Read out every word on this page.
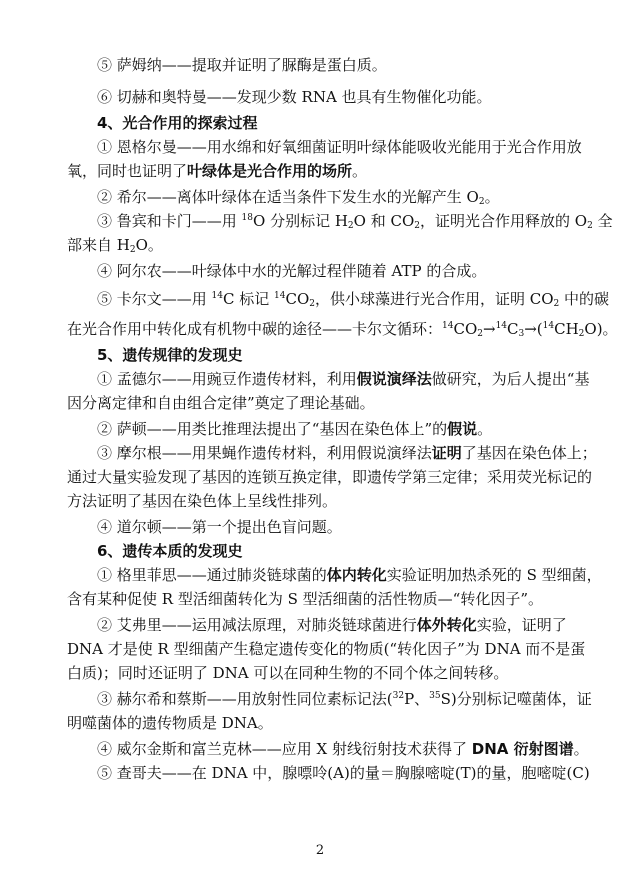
⑤ 萨姆纳——提取并证明了脲酶是蛋白质。
⑥ 切赫和奥特曼——发现少数 RNA 也具有生物催化功能。
4、光合作用的探索过程
① 恩格尔曼——用水绵和好氧细菌证明叶绿体能吸收光能用于光合作用放
氧，同时也证明了叶绿体是光合作用的场所。
② 希尔——离体叶绿体在适当条件下发生水的光解产生 $O_2$。
③ 鲁宾和卡门——用 $^{18}$O 分别标记 $H_2O$ 和 $CO_2$，证明光合作用释放的 $O_2$ 全
部来自 $H_2O$。
④ 阿尔农——叶绿体中水的光解过程伴随着 ATP 的合成。
⑤ 卡尔文——用 $^{14}$C 标记 $^{14}CO_2$，供小球藻进行光合作用，证明 $CO_2$ 中的碳
在光合作用中转化成有机物中碳的途径——卡尔文循环：$^{14}CO_2\to^{14}C_3\to(^{14}CH_2O)$。
5、遗传规律的发现史
① 孟德尔——用豌豆作遗传材料，利用假说演绎法做研究，为后人提出“基
因分离定律和自由组合定律”奠定了理论基础。
② 萨顿——用类比推理法提出了“基因在染色体上”的假说。
③ 摩尔根——用果蝇作遗传材料，利用假说演绎法证明了基因在染色体上；
通过大量实验发现了基因的连锁互换定律，即遗传学第三定律；采用荧光标记的
方法证明了基因在染色体上呈线性排列。
④ 道尔顿——第一个提出色盲问题。
6、遗传本质的发现史
① 格里菲思——通过肺炎链球菌的体内转化实验证明加热杀死的 S 型细菌，
含有某种促使 R 型活细菌转化为 S 型活细菌的活性物质—“转化因子”。
② 艾弗里——运用减法原理，对肺炎链球菌进行体外转化实验，证明了
DNA 才是使 R 型细菌产生稳定遗传变化的物质(“转化因子”为 DNA 而不是蛋
白质)；同时还证明了 DNA 可以在同种生物的不同个体之间转移。
③ 赫尔希和蔡斯——用放射性同位素标记法($^{32}$P、$^{35}$S)分别标记噬菌体，证
明噬菌体的遗传物质是 DNA。
④ 威尔金斯和富兰克林——应用 X 射线衍射技术获得了 DNA 衍射图谱。
⑤ 查哥夫——在 DNA 中，腺嘌呤(A)的量＝胸腺嘧啶(T)的量，胞嘧啶(C)
2
